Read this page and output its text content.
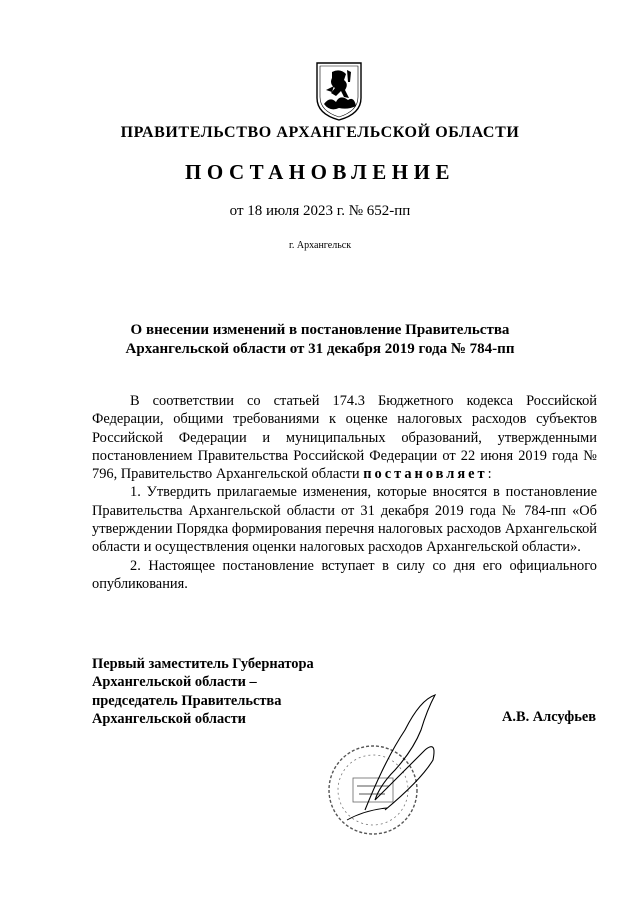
ПРАВИТЕЛЬСТВО АРХАНГЕЛЬСКОЙ ОБЛАСТИ
ПОСТАНОВЛЕНИЕ
от 18 июля 2023 г. № 652-пп
г. Архангельск
О внесении изменений в постановление Правительства
Архангельской области от 31 декабря 2019 года № 784-пп

В соответствии со статьей 174.3 Бюджетного кодекса Российской Федерации, общими требованиями к оценке налоговых расходов субъектов Российской Федерации и муниципальных образований, утвержденными постановлением Правительства Российской Федерации от 22 июня 2019 года № 796, Правительство Архангельской области постановляет:

1. Утвердить прилагаемые изменения, которые вносятся в постановление Правительства Архангельской области от 31 декабря 2019 года № 784-пп «Об утверждении Порядка формирования перечня налоговых расходов Архангельской области и осуществления оценки налоговых расходов Архангельской области».

2. Настоящее постановление вступает в силу со дня его официального опубликования.

Первый заместитель Губернатора
Архангельской области –
председатель Правительства
Архангельской области	А.В. Алсуфьев
